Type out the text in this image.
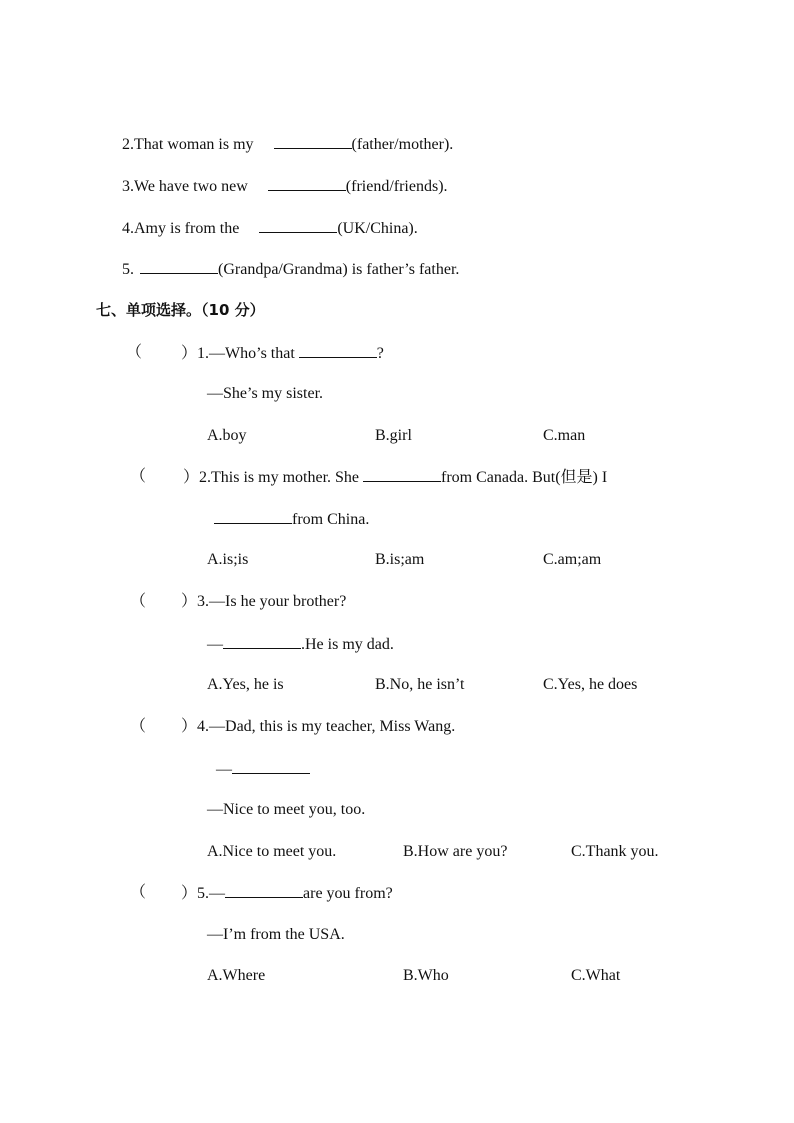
2.That woman is my	(father/mother).
3.We have two new	(friend/friends).
4.Amy is from the	(UK/China).
5.	(Grandpa/Grandma) is father’s father.
七、单项选择。（10 分）
（ ）1.—Who’s that	?
—She’s my sister.
A.boy	B.girl	C.man
（ ）2.This is my mother. She	from Canada. But(但是) I
from China.
A.is;is	B.is;am	C.am;am
（ ）3.—Is he your brother?
—	.He is my dad.
A.Yes, he is	B.No, he isn’t	C.Yes, he does
（ ）4.—Dad, this is my teacher, Miss Wang.
—
—Nice to meet you, too.
A.Nice to meet you.	B.How are you?	C.Thank you.
（ ）5.—	are you from?
—I’m from the USA.
A.Where	B.Who	C.What
